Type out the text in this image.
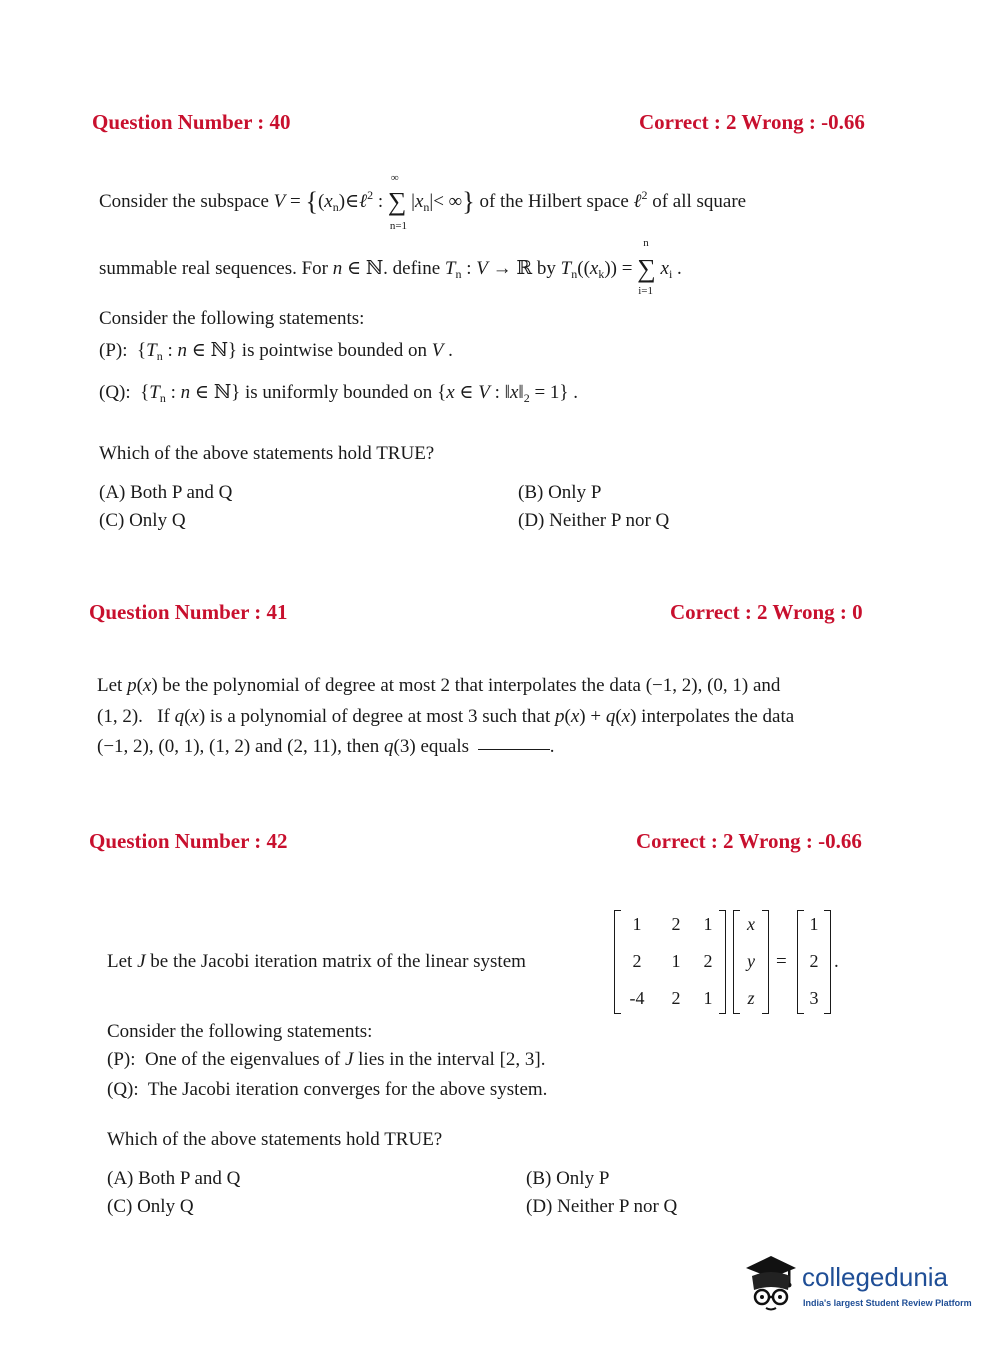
Question Number : 40	Correct : 2 Wrong : -0.66
Consider the subspace $V = \{(x_n)\in\ell^2$ :
∞
∑
n=1
$|x_n|<$ ∞} of the Hilbert space ℓ$^2$ of all square
summable real sequences. For n ∈ ℕ. define $T_n$ : V → ℝ by $T_n((x_k))$ =
n
∑
i=1
$x_i$ .
Consider the following statements:
(P):  {$T_n$ : n ∈ ℕ} is pointwise bounded on V .
(Q):  {$T_n$ : n ∈ ℕ} is uniformly bounded on {x ∈ V : $‖x‖_2 = 1$} .
Which of the above statements hold TRUE?
(A) Both P and Q	(B) Only P
(C) Only Q	(D) Neither P nor Q
Question Number : 41	Correct : 2 Wrong : 0
Let p(x) be the polynomial of degree at most 2 that interpolates the data (−1, 2), (0, 1) and
(1, 2).   If q(x) is a polynomial of degree at most 3 such that p(x) + q(x) interpolates the data
(−1, 2), (0, 1), (1, 2) and (2, 11), then q(3) equals	.
Question Number : 42	Correct : 2 Wrong : -0.66
Let J be the Jacobi iteration matrix of the linear system
1	2	1
2	1	2
-4	2	1
x
y
z
=
1
2
3
.
Consider the following statements:
(P): One of the eigenvalues of J lies in the interval [2, 3].
(Q): The Jacobi iteration converges for the above system.
Which of the above statements hold TRUE?
(A) Both P and Q	(B) Only P
(C) Only Q	(D) Neither P nor Q
collegedunia
India's largest Student Review Platform
